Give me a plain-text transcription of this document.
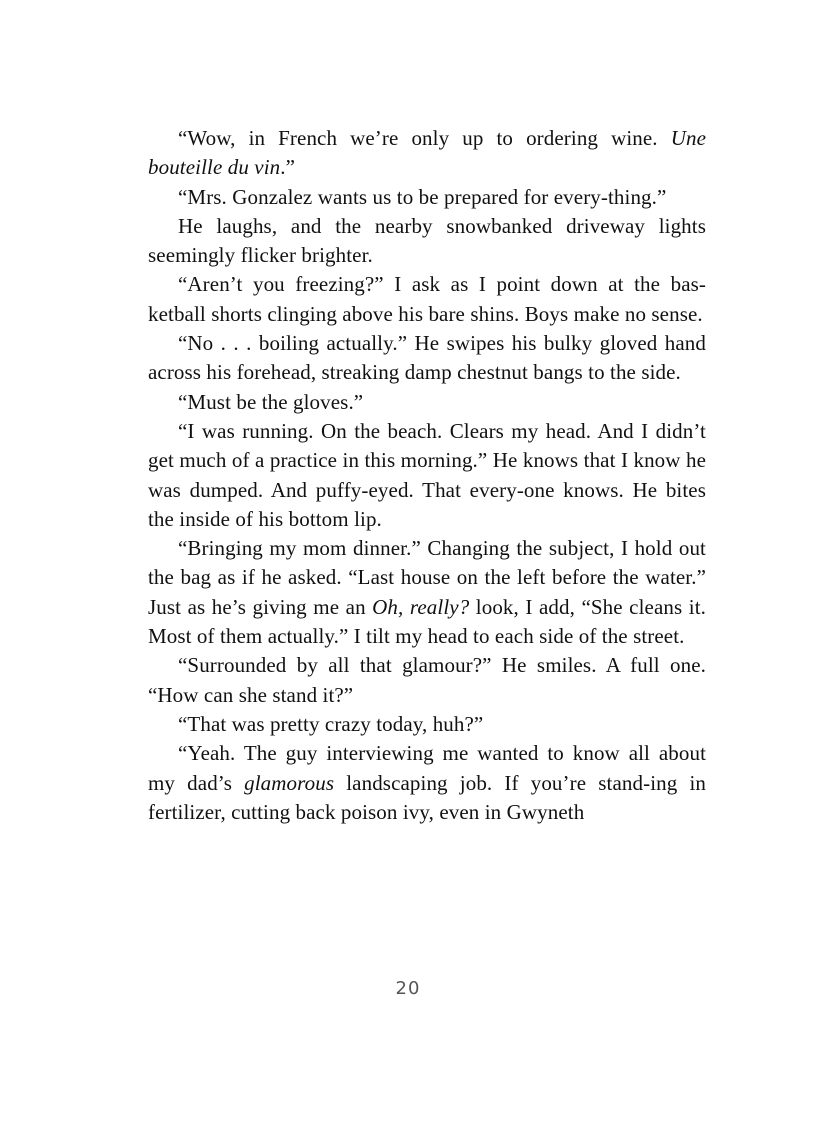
“Wow, in French we’re only up to ordering wine. Une bouteille du vin.”

“Mrs. Gonzalez wants us to be prepared for every-thing.”

He laughs, and the nearby snowbanked driveway lights seemingly flicker brighter.

“Aren’t you freezing?” I ask as I point down at the bas-ketball shorts clinging above his bare shins. Boys make no sense.

“No . . . boiling actually.” He swipes his bulky gloved hand across his forehead, streaking damp chestnut bangs to the side.

“Must be the gloves.”

“I was running. On the beach. Clears my head. And I didn’t get much of a practice in this morning.” He knows that I know he was dumped. And puffy-eyed. That every-one knows. He bites the inside of his bottom lip.

“Bringing my mom dinner.” Changing the subject, I hold out the bag as if he asked. “Last house on the left before the water.” Just as he’s giving me an Oh, really? look, I add, “She cleans it. Most of them actually.” I tilt my head to each side of the street.

“Surrounded by all that glamour?” He smiles. A full one. “How can she stand it?”

“That was pretty crazy today, huh?”

“Yeah. The guy interviewing me wanted to know all about my dad’s glamorous landscaping job. If you’re stand-ing in fertilizer, cutting back poison ivy, even in Gwyneth

20
